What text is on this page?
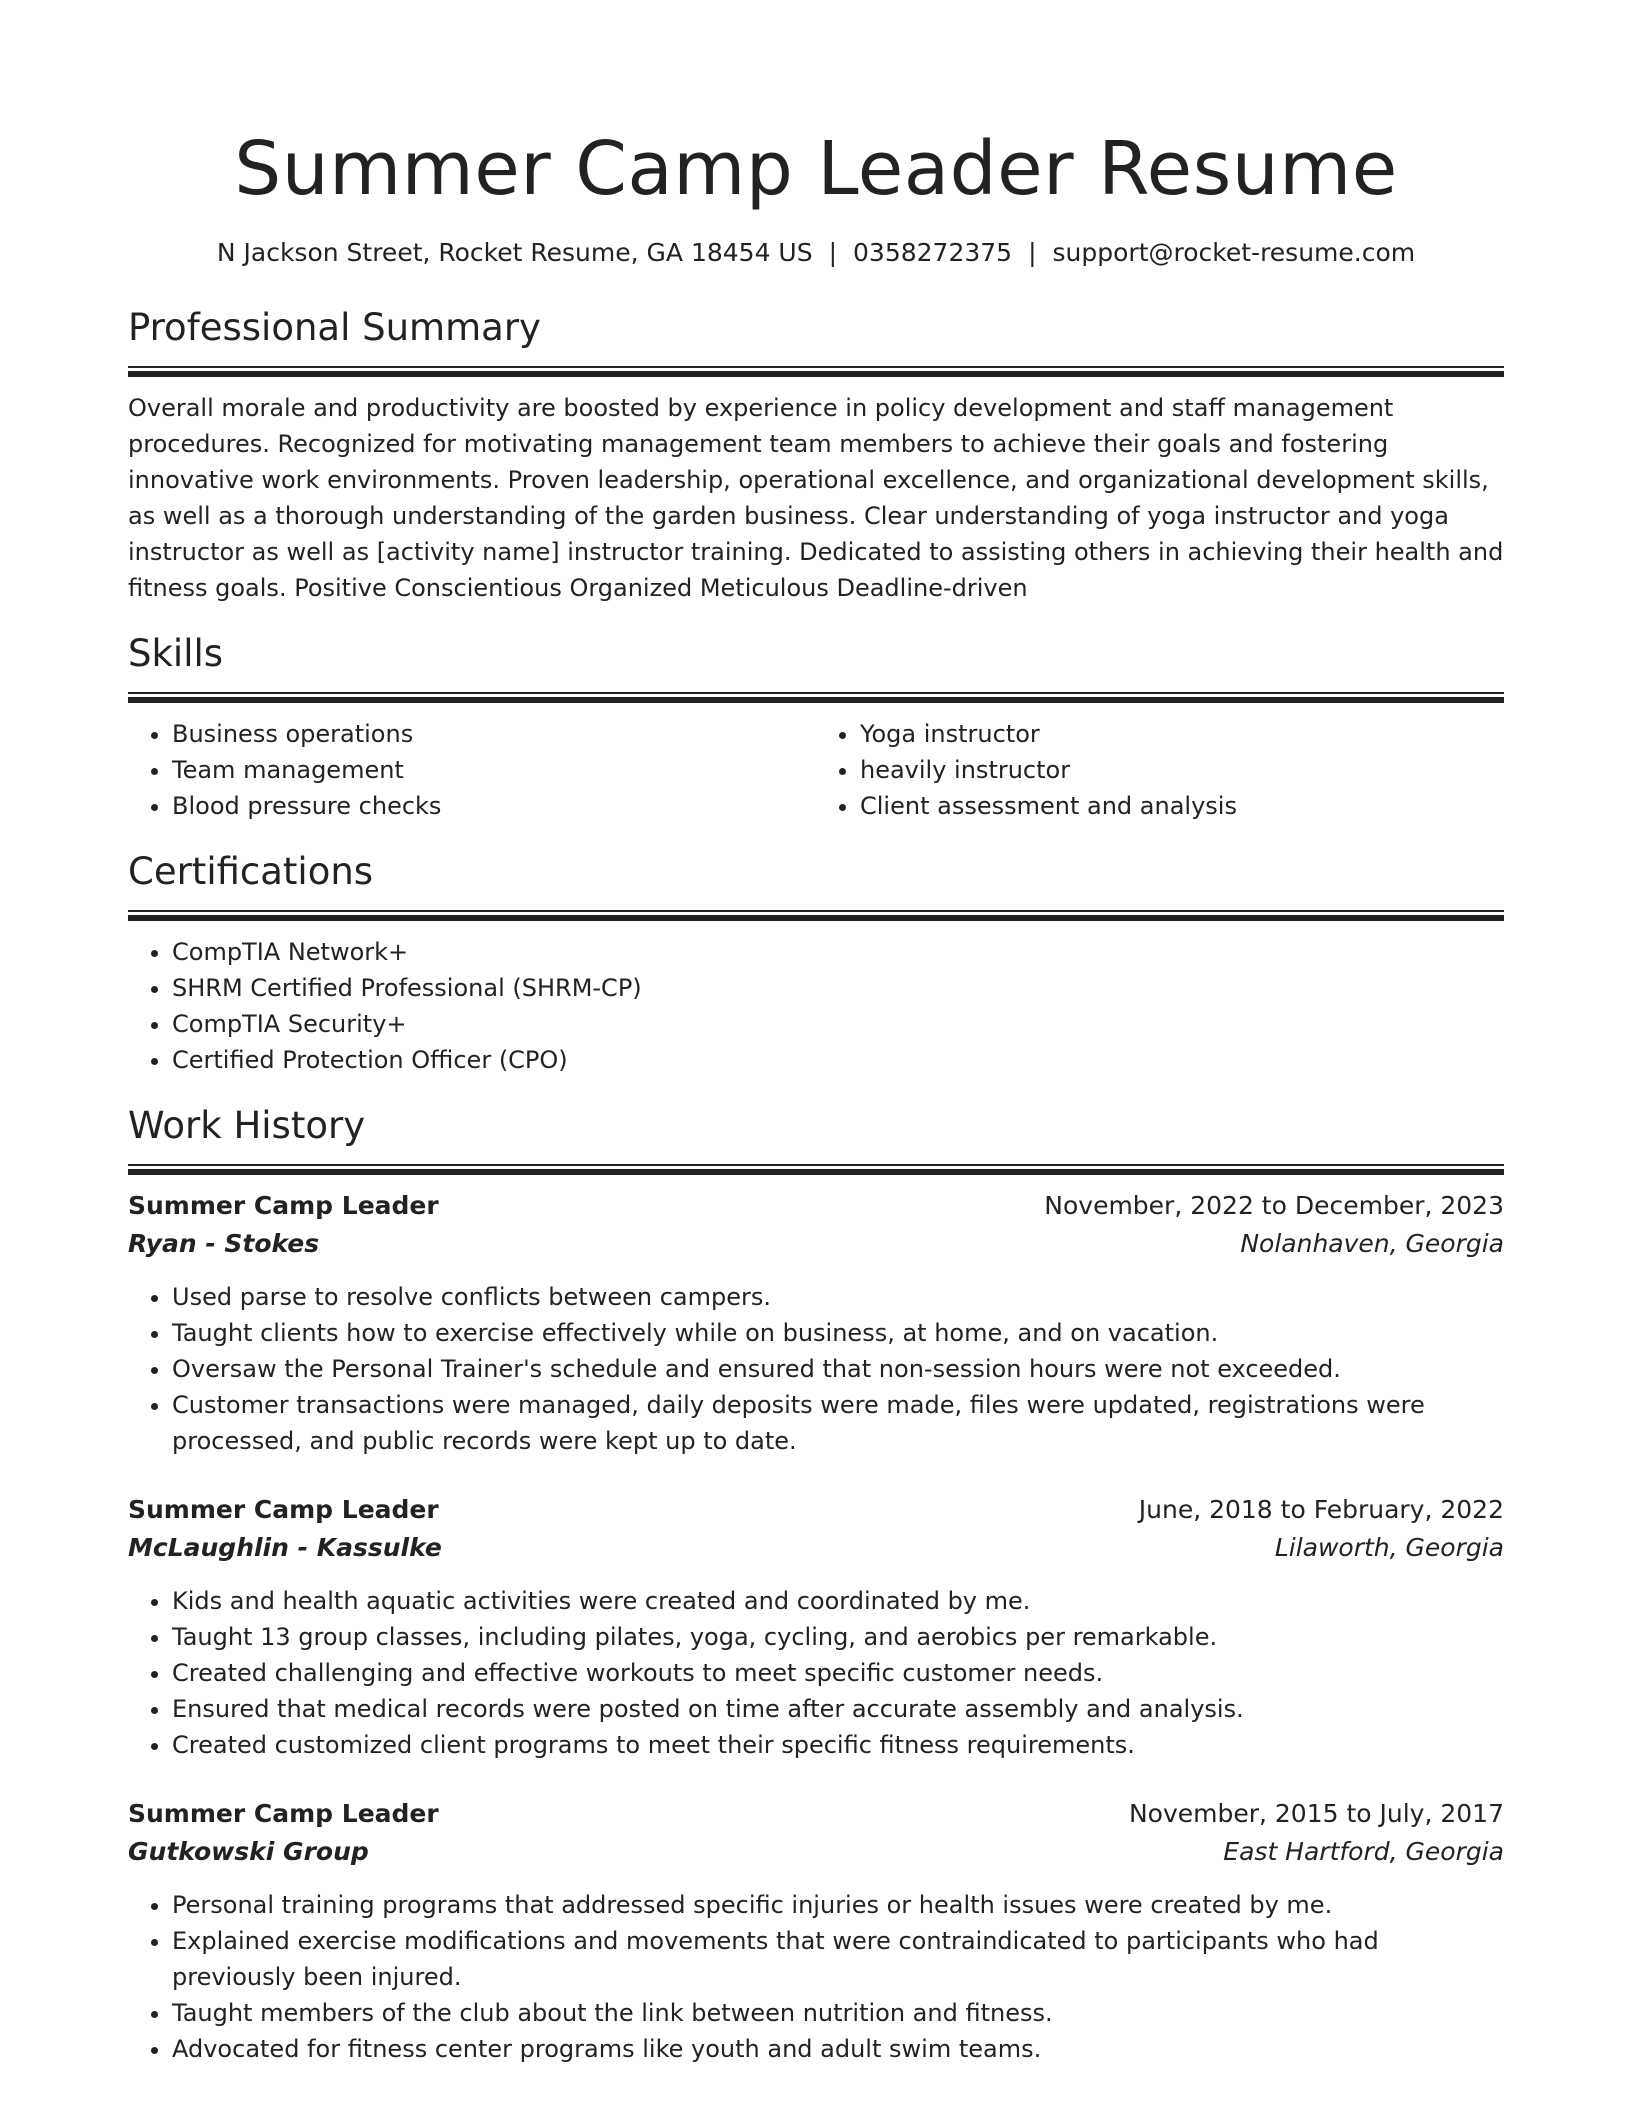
Summer Camp Leader Resume
N Jackson Street, Rocket Resume, GA 18454 US | 0358272375 | support@rocket-resume.com
Professional Summary
Overall morale and productivity are boosted by experience in policy development and staff management procedures. Recognized for motivating management team members to achieve their goals and fostering innovative work environments. Proven leadership, operational excellence, and organizational development skills, as well as a thorough understanding of the garden business. Clear understanding of yoga instructor and yoga instructor as well as [activity name] instructor training. Dedicated to assisting others in achieving their health and fitness goals. Positive Conscientious Organized Meticulous Deadline-driven
Skills
• Business operations
• Team management
• Blood pressure checks
• Yoga instructor
• heavily instructor
• Client assessment and analysis
Certifications
• CompTIA Network+
• SHRM Certified Professional (SHRM-CP)
• CompTIA Security+
• Certified Protection Officer (CPO)
Work History
Summer Camp Leader	November, 2022 to December, 2023
Ryan - Stokes	Nolanhaven, Georgia
• Used parse to resolve conflicts between campers.
• Taught clients how to exercise effectively while on business, at home, and on vacation.
• Oversaw the Personal Trainer's schedule and ensured that non-session hours were not exceeded.
• Customer transactions were managed, daily deposits were made, files were updated, registrations were processed, and public records were kept up to date.
Summer Camp Leader	June, 2018 to February, 2022
McLaughlin - Kassulke	Lilaworth, Georgia
• Kids and health aquatic activities were created and coordinated by me.
• Taught 13 group classes, including pilates, yoga, cycling, and aerobics per remarkable.
• Created challenging and effective workouts to meet specific customer needs.
• Ensured that medical records were posted on time after accurate assembly and analysis.
• Created customized client programs to meet their specific fitness requirements.
Summer Camp Leader	November, 2015 to July, 2017
Gutkowski Group	East Hartford, Georgia
• Personal training programs that addressed specific injuries or health issues were created by me.
• Explained exercise modifications and movements that were contraindicated to participants who had previously been injured.
• Taught members of the club about the link between nutrition and fitness.
• Advocated for fitness center programs like youth and adult swim teams.
